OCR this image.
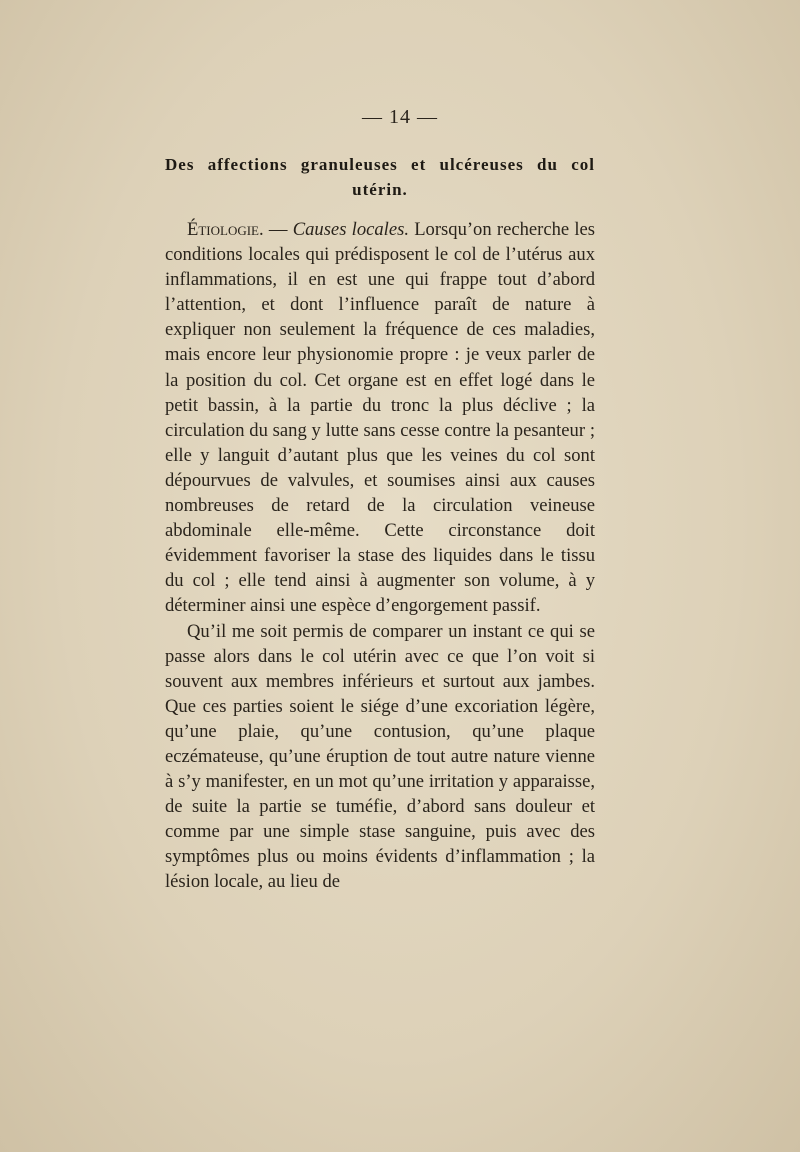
— 14 —
Des affections granuleuses et ulcéreuses du col utérin.

Étiologie. — Causes locales. Lorsqu’on recherche les conditions locales qui prédisposent le col de l’utérus aux inflammations, il en est une qui frappe tout d’abord l’attention, et dont l’influence paraît de nature à expliquer non seulement la fréquence de ces maladies, mais encore leur physionomie propre : je veux parler de la position du col. Cet organe est en effet logé dans le petit bassin, à la partie du tronc la plus déclive ; la circulation du sang y lutte sans cesse contre la pesanteur ; elle y languit d’autant plus que les veines du col sont dépourvues de valvules, et soumises ainsi aux causes nombreuses de retard de la circulation veineuse abdominale elle-même. Cette circonstance doit évidemment favoriser la stase des liquides dans le tissu du col ; elle tend ainsi à augmenter son volume, à y déterminer ainsi une espèce d’engorgement passif.

Qu’il me soit permis de comparer un instant ce qui se passe alors dans le col utérin avec ce que l’on voit si souvent aux membres inférieurs et surtout aux jambes. Que ces parties soient le siége d’une excoriation légère, qu’une plaie, qu’une contusion, qu’une plaque eczémateuse, qu’une éruption de tout autre nature vienne à s’y manifester, en un mot qu’une irritation y apparaisse, de suite la partie se tuméfie, d’abord sans douleur et comme par une simple stase sanguine, puis avec des symptômes plus ou moins évidents d’inflammation ; la lésion locale, au lieu de
